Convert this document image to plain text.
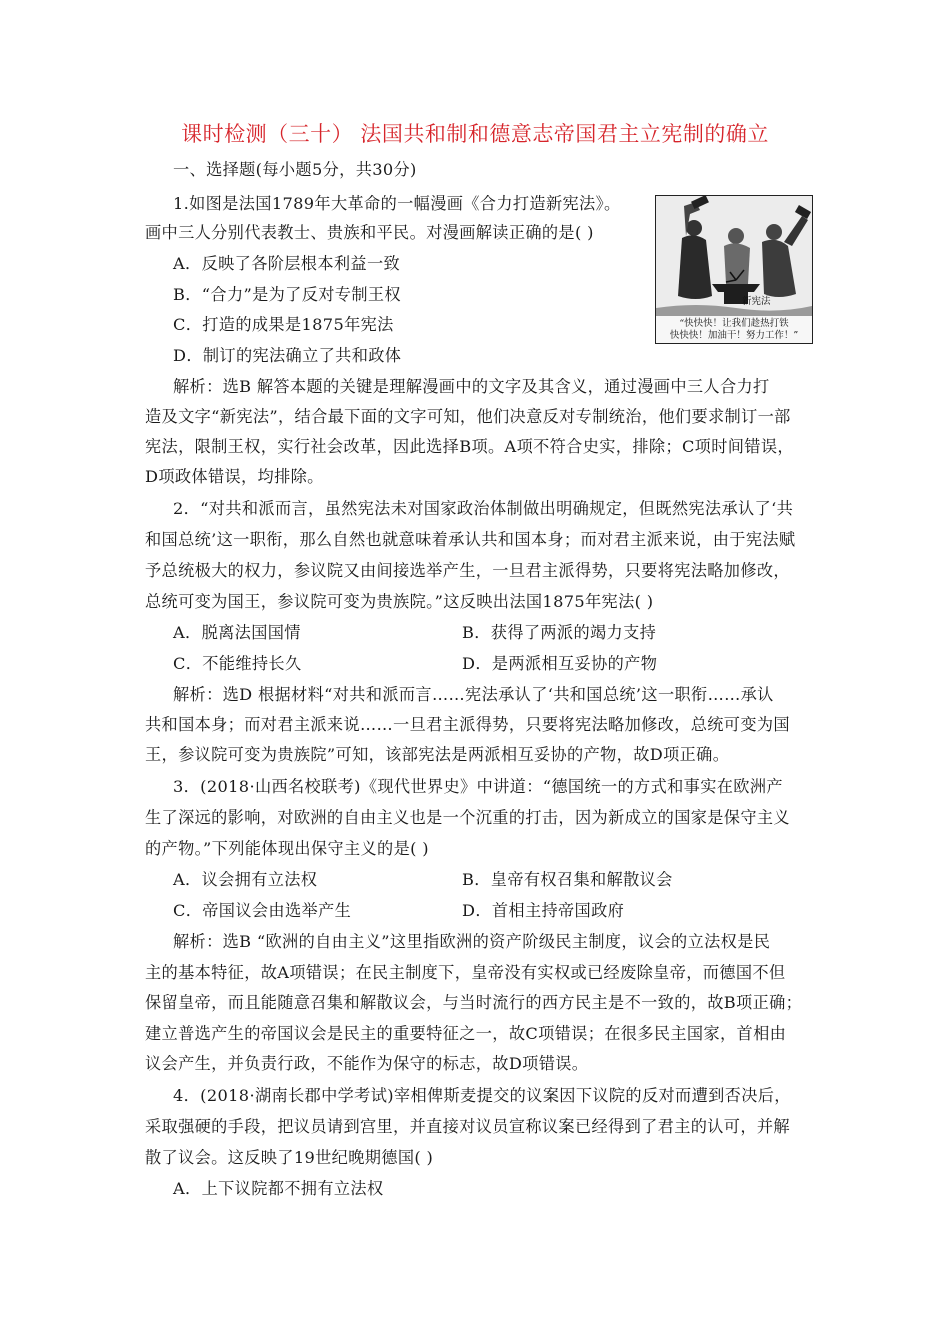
课时检测（三十） 法国共和制和德意志帝国君主立宪制的确立
一、选择题(每小题5分，共30分)
1.如图是法国1789年大革命的一幅漫画《合力打造新宪法》。
画中三人分别代表教士、贵族和平民。对漫画解读正确的是( )
A．反映了各阶层根本利益一致
B．“合力”是为了反对专制王权
C．打造的成果是1875年宪法
D．制订的宪法确立了共和政体
新宪法
“快快快！让我们趁热打铁
快快快！加油干！努力工作！”
解析：选B 解答本题的关键是理解漫画中的文字及其含义，通过漫画中三人合力打
造及文字“新宪法”，结合最下面的文字可知，他们决意反对专制统治，他们要求制订一部
宪法，限制王权，实行社会改革，因此选择B项。A项不符合史实，排除；C项时间错误，
D项政体错误，均排除。
2．“对共和派而言，虽然宪法未对国家政治体制做出明确规定，但既然宪法承认了‘共
和国总统’这一职衔，那么自然也就意味着承认共和国本身；而对君主派来说，由于宪法赋
予总统极大的权力，参议院又由间接选举产生，一旦君主派得势，只要将宪法略加修改，
总统可变为国王，参议院可变为贵族院。”这反映出法国1875年宪法( )
A．脱离法国国情	B．获得了两派的竭力支持
C．不能维持长久	D．是两派相互妥协的产物
解析：选D 根据材料“对共和派而言……宪法承认了‘共和国总统’这一职衔……承认
共和国本身；而对君主派来说……一旦君主派得势，只要将宪法略加修改，总统可变为国
王，参议院可变为贵族院”可知，该部宪法是两派相互妥协的产物，故D项正确。
3．(2018·山西名校联考)《现代世界史》中讲道：“德国统一的方式和事实在欧洲产
生了深远的影响，对欧洲的自由主义也是一个沉重的打击，因为新成立的国家是保守主义
的产物。”下列能体现出保守主义的是( )
A．议会拥有立法权	B．皇帝有权召集和解散议会
C．帝国议会由选举产生	D．首相主持帝国政府
解析：选B “欧洲的自由主义”这里指欧洲的资产阶级民主制度，议会的立法权是民
主的基本特征，故A项错误；在民主制度下，皇帝没有实权或已经废除皇帝，而德国不但
保留皇帝，而且能随意召集和解散议会，与当时流行的西方民主是不一致的，故B项正确；
建立普选产生的帝国议会是民主的重要特征之一，故C项错误；在很多民主国家，首相由
议会产生，并负责行政，不能作为保守的标志，故D项错误。
4．(2018·湖南长郡中学考试)宰相俾斯麦提交的议案因下议院的反对而遭到否决后，
采取强硬的手段，把议员请到宫里，并直接对议员宣称议案已经得到了君主的认可，并解
散了议会。这反映了19世纪晚期德国( )
A．上下议院都不拥有立法权
